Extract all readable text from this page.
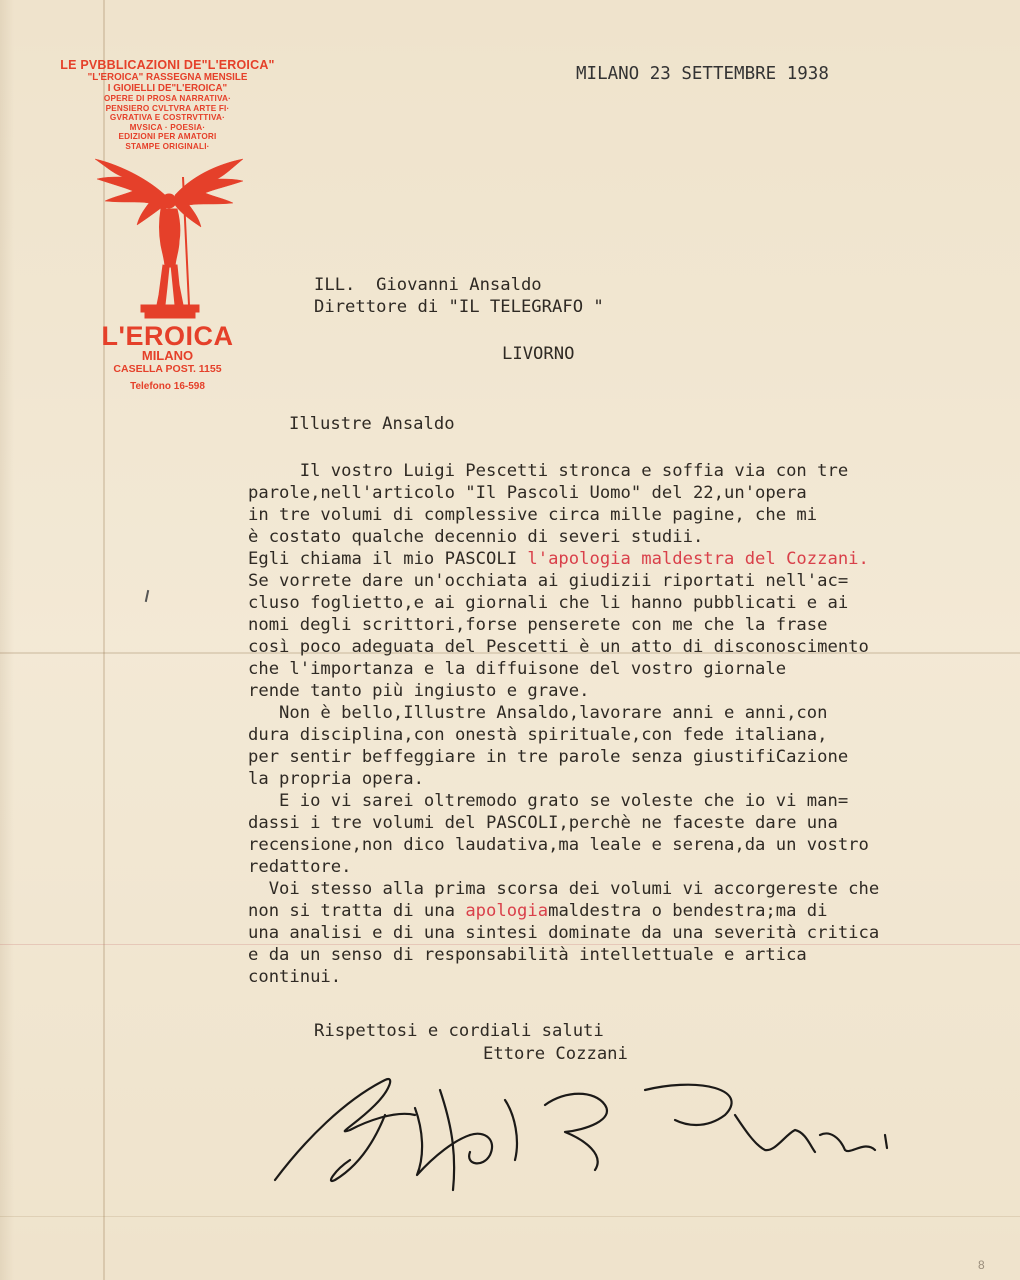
LE PVBBLICAZIONI DE"L'EROICA"
"L'EROICA" RASSEGNA MENSILE
I GIOIELLI DE"L'EROICA"
OPERE DI PROSA NARRATIVA·
PENSIERO CVLTVRA ARTE FI·
GVRATIVA E COSTRVTTIVA·
MVSICA · POESIA·
EDIZIONI PER AMATORI
STAMPE ORIGINALI·
L'EROICA
MILANO
CASELLA POST. 1155
Telefono 16-598
MILANO 23 SETTEMBRE 1938
ILL.  Giovanni Ansaldo
Direttore di "IL TELEGRAFO "
LIVORNO
Illustre Ansaldo
Il vostro Luigi Pescetti stronca e soffia via con tre
parole,nell'articolo "Il Pascoli Uomo" del 22,un'opera
in tre volumi di complessive circa mille pagine, che mi
è costato qualche decennio di severi studii.
Egli chiama il mio PASCOLI l'apologia maldestra del Cozzani.
Se vorrete dare un'occhiata ai giudizii riportati nell'ac=
cluso foglietto,e ai giornali che li hanno pubblicati e ai
nomi degli scrittori,forse penserete con me che la frase
così poco adeguata del Pescetti è un atto di disconoscimento
che l'importanza e la diffuisone del vostro giornale
rende tanto più ingiusto e grave.
Non è bello,Illustre Ansaldo,lavorare anni e anni,con
dura disciplina,con onestà spirituale,con fede italiana,
per sentir beffeggiare in tre parole senza giustifiCazione
la propria opera.
E io vi sarei oltremodo grato se voleste che io vi man=
dassi i tre volumi del PASCOLI,perchè ne faceste dare una
recensione,non dico laudativa,ma leale e serena,da un vostro
redattore.
Voi stesso alla prima scorsa dei volumi vi accorgereste che
non si tratta di una apologiamaldestra o bendestra;ma di
una analisi e di una sintesi dominate da una severità critica
e da un senso di responsabilità intellettuale e artica
continui.
Rispettosi e cordiali saluti
Ettore Cozzani
8
